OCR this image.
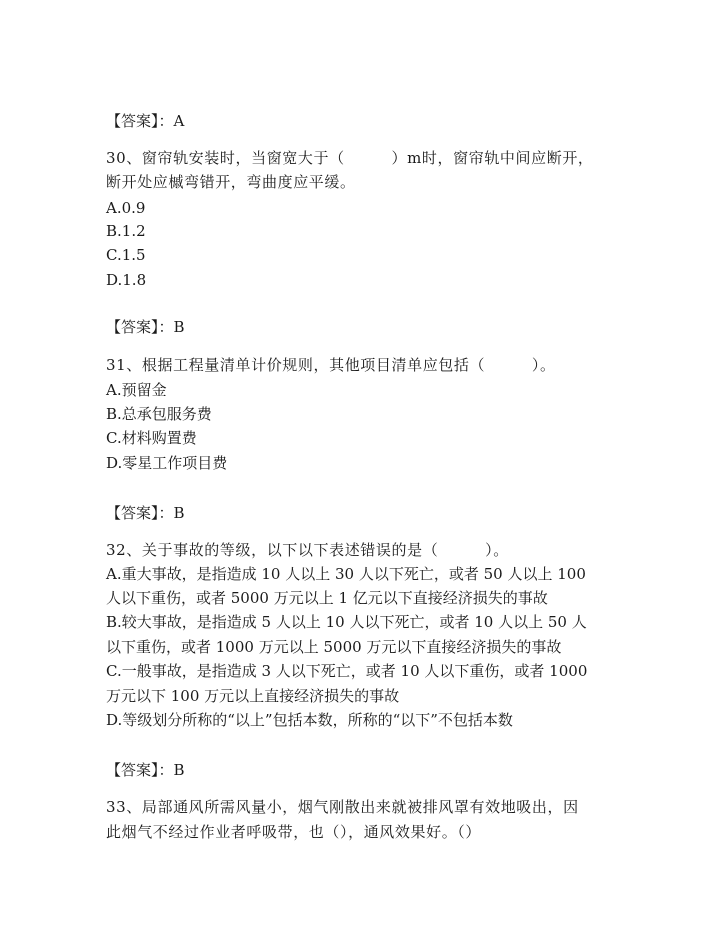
【答案】：A
30、窗帘轨安装时，当窗宽大于（　　　）m时，窗帘轨中间应断开，
断开处应槭弯错开，弯曲度应平缓。
A.0.9
B.1.2
C.1.5
D.1.8
【答案】：B
31、根据工程量清单计价规则，其他项目清单应包括（　　　）。
A.预留金
B.总承包服务费
C.材料购置费
D.零星工作项目费
【答案】：B
32、关于事故的等级，以下以下表述错误的是（　　　）。
A.重大事故，是指造成 10 人以上 30 人以下死亡，或者 50 人以上 100
人以下重伤，或者 5000 万元以上 1 亿元以下直接经济损失的事故
B.较大事故，是指造成 5 人以上 10 人以下死亡，或者 10 人以上 50 人
以下重伤，或者 1000 万元以上 5000 万元以下直接经济损失的事故
C.一般事故，是指造成 3 人以下死亡，或者 10 人以下重伤，或者 1000
万元以下 100 万元以上直接经济损失的事故
D.等级划分所称的“以上”包括本数，所称的“以下”不包括本数
【答案】：B
33、局部通风所需风量小，烟气刚散出来就被排风罩有效地吸出，因
此烟气不经过作业者呼吸带，也（），通风效果好。（）
